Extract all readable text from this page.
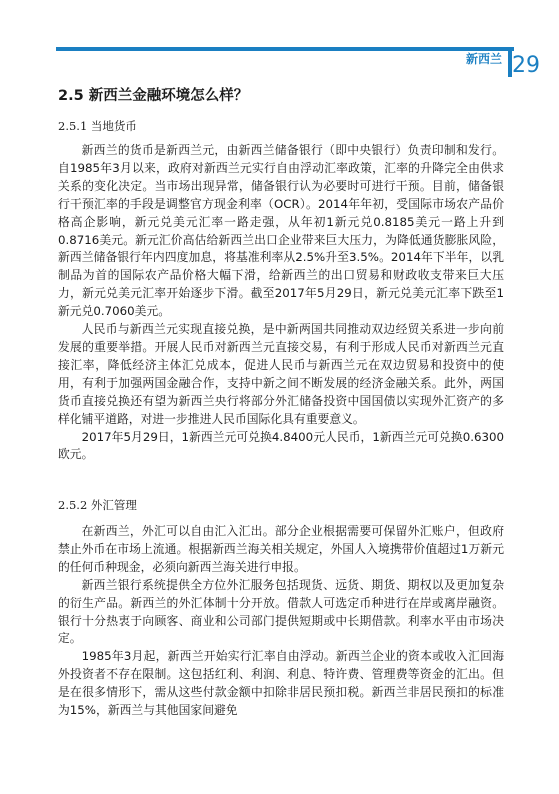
新西兰 29
2.5 新西兰金融环境怎么样？
2.5.1 当地货币

新西兰的货币是新西兰元，由新西兰储备银行（即中央银行）负责印制和发行。自1985年3月以来，政府对新西兰元实行自由浮动汇率政策，汇率的升降完全由供求关系的变化决定。当市场出现异常，储备银行认为必要时可进行干预。目前，储备银行干预汇率的手段是调整官方现金利率（OCR）。2014年年初，受国际市场农产品价格高企影响，新元兑美元汇率一路走强，从年初1新元兑0.8185美元一路上升到0.8716美元。新元汇价高估给新西兰出口企业带来巨大压力，为降低通货膨胀风险，新西兰储备银行年内四度加息，将基准利率从2.5%升至3.5%。2014年下半年，以乳制品为首的国际农产品价格大幅下滑，给新西兰的出口贸易和财政收支带来巨大压力，新元兑美元汇率开始逐步下滑。截至2017年5月29日，新元兑美元汇率下跌至1新元兑0.7060美元。

人民币与新西兰元实现直接兑换，是中新两国共同推动双边经贸关系进一步向前发展的重要举措。开展人民币对新西兰元直接交易，有利于形成人民币对新西兰元直接汇率，降低经济主体汇兑成本，促进人民币与新西兰元在双边贸易和投资中的使用，有利于加强两国金融合作，支持中新之间不断发展的经济金融关系。此外，两国货币直接兑换还有望为新西兰央行将部分外汇储备投资中国国债以实现外汇资产的多样化铺平道路，对进一步推进人民币国际化具有重要意义。

2017年5月29日，1新西兰元可兑换4.8400元人民币，1新西兰元可兑换0.6300欧元。

2.5.2 外汇管理

在新西兰，外汇可以自由汇入汇出。部分企业根据需要可保留外汇账户，但政府禁止外币在市场上流通。根据新西兰海关相关规定，外国人入境携带价值超过1万新元的任何币种现金，必须向新西兰海关进行申报。

新西兰银行系统提供全方位外汇服务包括现货、远货、期货、期权以及更加复杂的衍生产品。新西兰的外汇体制十分开放。借款人可选定币种进行在岸或离岸融资。银行十分热衷于向顾客、商业和公司部门提供短期或中长期借款。利率水平由市场决定。

1985年3月起，新西兰开始实行汇率自由浮动。新西兰企业的资本或收入汇回海外投资者不存在限制。这包括红利、利润、利息、特许费、管理费等资金的汇出。但是在很多情形下，需从这些付款金额中扣除非居民预扣税。新西兰非居民预扣的标准为15%，新西兰与其他国家间避免
